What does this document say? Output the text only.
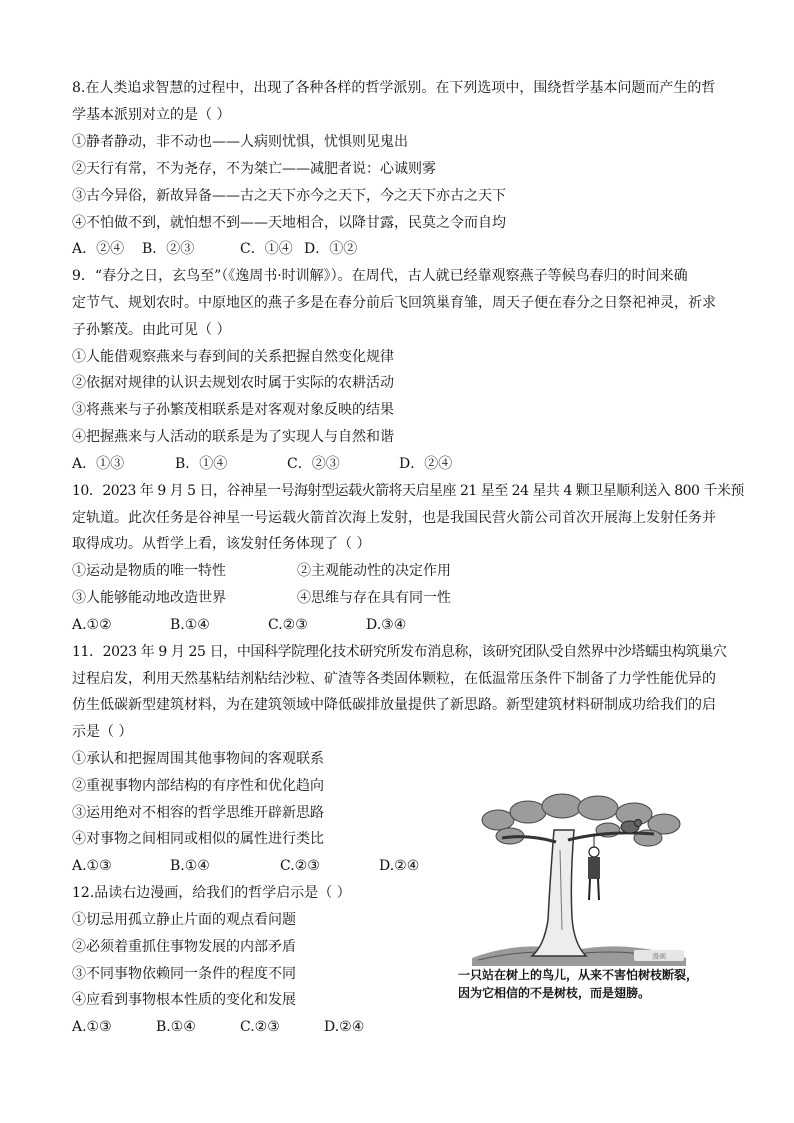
8.在人类追求智慧的过程中，出现了各种各样的哲学派别。在下列选项中，围绕哲学基本问题而产生的哲
学基本派别对立的是（ ）
①静者静动，非不动也——人病则忧惧，忧惧则见鬼出
②天行有常，不为尧存，不为桀亡——减肥者说：心诚则雾
③古今异俗，新故异备——古之天下亦今之天下，今之天下亦古之天下
④不怕做不到，就怕想不到——天地相合，以降甘露，民莫之令而自均
A．②④ B．②③	C．①④ D．①②
9．“春分之日，玄鸟至”（《逸周书·时训解》）。在周代，古人就已经靠观察燕子等候鸟春归的时间来确
定节气、规划农时。中原地区的燕子多是在春分前后飞回筑巢育雏，周天子便在春分之日祭祀神灵，祈求
子孙繁茂。由此可见（ ）
①人能借观察燕来与春到间的关系把握自然变化规律
②依据对规律的认识去规划农时属于实际的农耕活动
③将燕来与子孙繁茂相联系是对客观对象反映的结果
④把握燕来与人活动的联系是为了实现人与自然和谐
A．①③	B．①④	C．②③	D．②④
10．2023 年 9 月 5 日，谷神星一号海射型运载火箭将天启星座 21 星至 24 星共 4 颗卫星顺利送入 800 千米预
定轨道。此次任务是谷神星一号运载火箭首次海上发射，也是我国民营火箭公司首次开展海上发射任务并
取得成功。从哲学上看，该发射任务体现了（ ）
①运动是物质的唯一特性	②主观能动性的决定作用
③人能够能动地改造世界	④思维与存在具有同一性
A.①②	B.①④	C.②③	D.③④
11．2023 年 9 月 25 日，中国科学院理化技术研究所发布消息称，该研究团队受自然界中沙塔蠕虫构筑巢穴
过程启发，利用天然基粘结剂粘结沙粒、矿渣等各类固体颗粒，在低温常压条件下制备了力学性能优异的
仿生低碳新型建筑材料，为在建筑领域中降低碳排放量提供了新思路。新型建筑材料研制成功给我们的启
示是（ ）
①承认和把握周围其他事物间的客观联系
②重视事物内部结构的有序性和优化趋向
③运用绝对不相容的哲学思维开辟新思路
④对事物之间相同或相似的属性进行类比
A.①③	B.①④	C.②③	D.②④
12.品读右边漫画，给我们的哲学启示是（ ）
①切忌用孤立静止片面的观点看问题
②必须着重抓住事物发展的内部矛盾
③不同事物依赖同一条件的程度不同
④应看到事物根本性质的变化和发展
A.①③	B.①④	C.②③	D.②④
漫画
一只站在树上的鸟儿，从来不害怕树枝断裂，因为它相信的不是树枝，而是翅膀。
